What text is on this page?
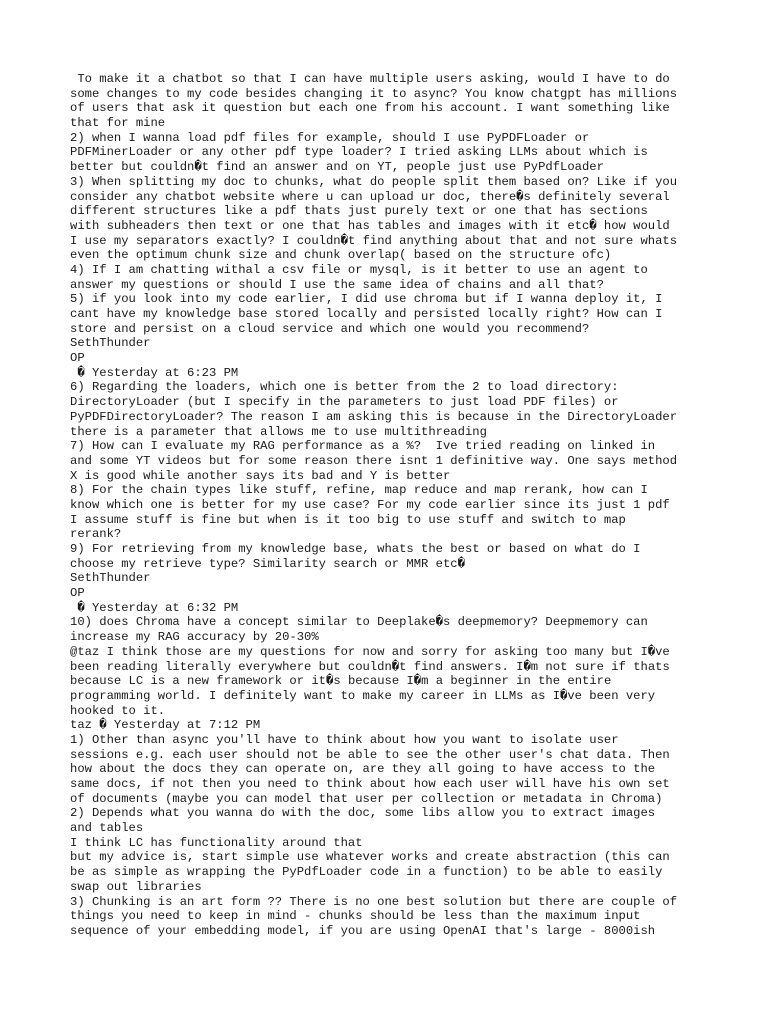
To make it a chatbot so that I can have multiple users asking, would I have to do
some changes to my code besides changing it to async? You know chatgpt has millions
of users that ask it question but each one from his account. I want something like
that for mine
2) when I wanna load pdf files for example, should I use PyPDFLoader or
PDFMinerLoader or any other pdf type loader? I tried asking LLMs about which is
better but couldn�t find an answer and on YT, people just use PyPdfLoader
3) When splitting my doc to chunks, what do people split them based on? Like if you
consider any chatbot website where u can upload ur doc, there�s definitely several
different structures like a pdf thats just purely text or one that has sections
with subheaders then text or one that has tables and images with it etc� how would
I use my separators exactly? I couldn�t find anything about that and not sure whats
even the optimum chunk size and chunk overlap( based on the structure ofc)
4) If I am chatting withal a csv file or mysql, is it better to use an agent to
answer my questions or should I use the same idea of chains and all that?
5) if you look into my code earlier, I did use chroma but if I wanna deploy it, I
cant have my knowledge base stored locally and persisted locally right? How can I
store and persist on a cloud service and which one would you recommend?
SethThunder
OP
� Yesterday at 6:23 PM
6) Regarding the loaders, which one is better from the 2 to load directory:
DirectoryLoader (but I specify in the parameters to just load PDF files) or
PyPDFDirectoryLoader? The reason I am asking this is because in the DirectoryLoader
there is a parameter that allows me to use multithreading
7) How can I evaluate my RAG performance as a %?  Ive tried reading on linked in
and some YT videos but for some reason there isnt 1 definitive way. One says method
X is good while another says its bad and Y is better
8) For the chain types like stuff, refine, map reduce and map rerank, how can I
know which one is better for my use case? For my code earlier since its just 1 pdf
I assume stuff is fine but when is it too big to use stuff and switch to map
rerank?
9) For retrieving from my knowledge base, whats the best or based on what do I
choose my retrieve type? Similarity search or MMR etc�
SethThunder
OP
� Yesterday at 6:32 PM
10) does Chroma have a concept similar to Deeplake�s deepmemory? Deepmemory can
increase my RAG accuracy by 20-30%
@taz I think those are my questions for now and sorry for asking too many but I�ve
been reading literally everywhere but couldn�t find answers. I�m not sure if thats
because LC is a new framework or it�s because I�m a beginner in the entire
programming world. I definitely want to make my career in LLMs as I�ve been very
hooked to it.
taz � Yesterday at 7:12 PM
1) Other than async you'll have to think about how you want to isolate user
sessions e.g. each user should not be able to see the other user's chat data. Then
how about the docs they can operate on, are they all going to have access to the
same docs, if not then you need to think about how each user will have his own set
of documents (maybe you can model that user per collection or metadata in Chroma)
2) Depends what you wanna do with the doc, some libs allow you to extract images
and tables
I think LC has functionality around that
but my advice is, start simple use whatever works and create abstraction (this can
be as simple as wrapping the PyPdfLoader code in a function) to be able to easily
swap out libraries
3) Chunking is an art form ?? There is no one best solution but there are couple of
things you need to keep in mind - chunks should be less than the maximum input
sequence of your embedding model, if you are using OpenAI that's large - 8000ish
